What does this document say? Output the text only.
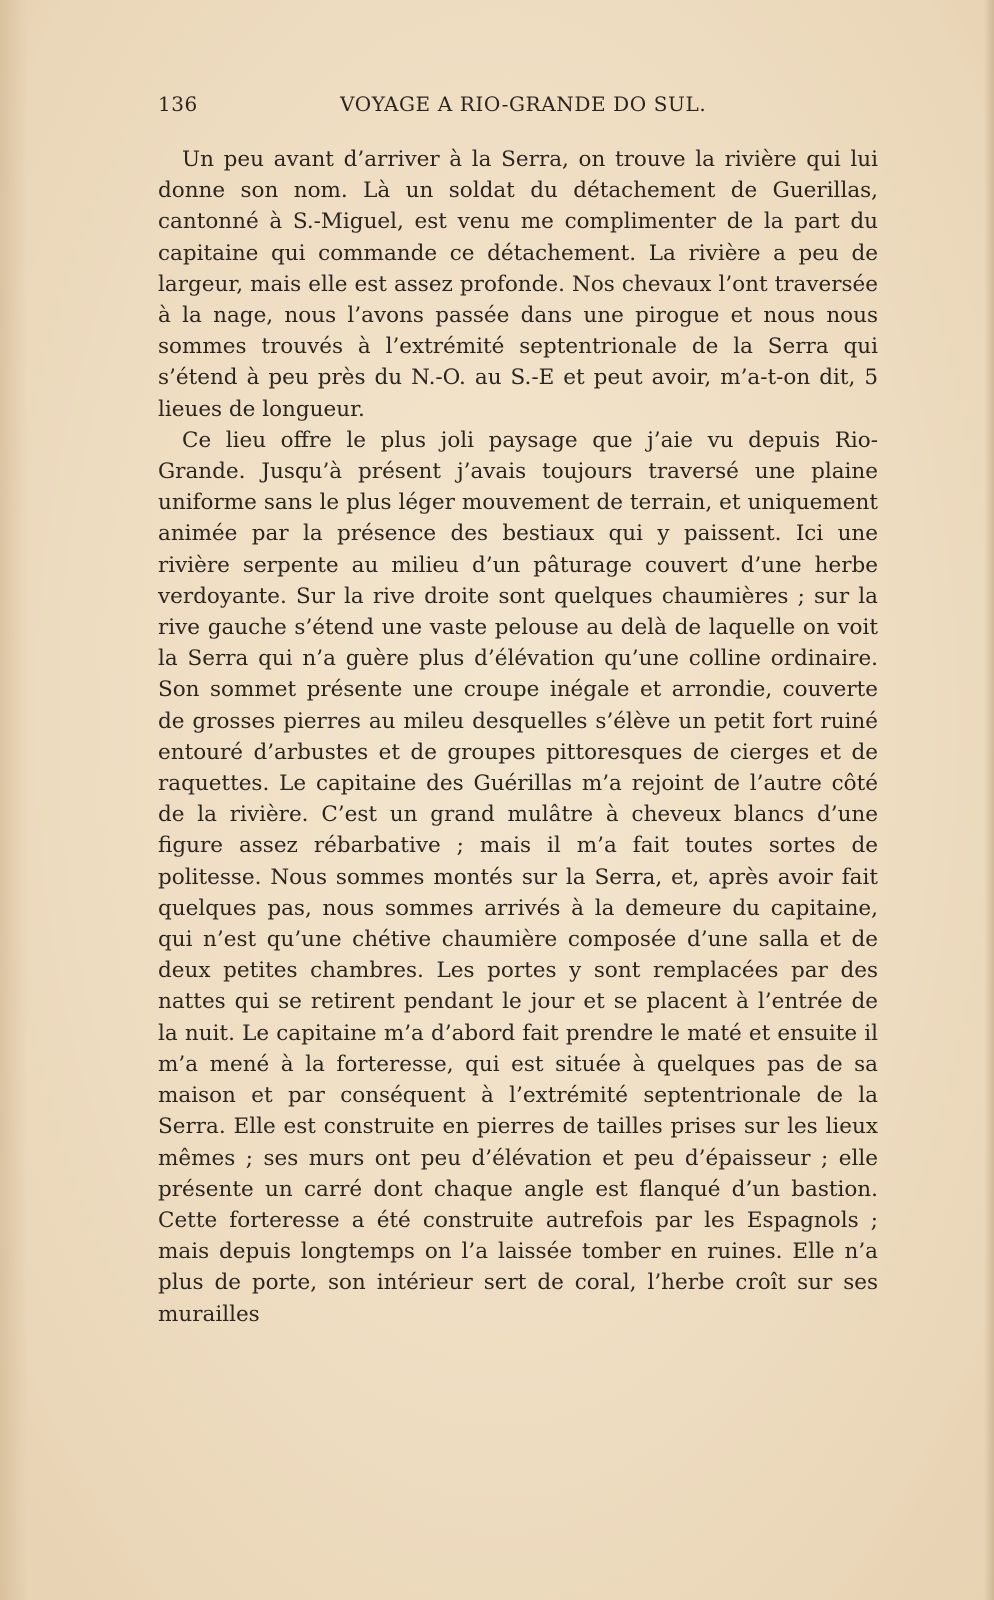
136	VOYAGE A RIO-GRANDE DO SUL.

Un peu avant d’arriver à la Serra, on trouve la rivière qui lui donne son nom. Là un soldat du détachement de Guerillas, cantonné à S.-Miguel, est venu me complimenter de la part du capitaine qui commande ce détachement. La rivière a peu de largeur, mais elle est assez profonde. Nos chevaux l’ont traversée à la nage, nous l’avons passée dans une pirogue et nous nous sommes trouvés à l’extrémité septentrionale de la Serra qui s’étend à peu près du N.-O. au S.-E et peut avoir, m’a-t-on dit, 5 lieues de longueur.

Ce lieu offre le plus joli paysage que j’aie vu depuis Rio-Grande. Jusqu’à présent j’avais toujours traversé une plaine uniforme sans le plus léger mouvement de terrain, et uniquement animée par la présence des bestiaux qui y paissent. Ici une rivière serpente au milieu d’un pâturage couvert d’une herbe verdoyante. Sur la rive droite sont quelques chaumières ; sur la rive gauche s’étend une vaste pelouse au delà de laquelle on voit la Serra qui n’a guère plus d’élévation qu’une colline ordinaire. Son sommet présente une croupe inégale et arrondie, couverte de grosses pierres au mileu desquelles s’élève un petit fort ruiné entouré d’arbustes et de groupes pittoresques de cierges et de raquettes. Le capitaine des Guérillas m’a rejoint de l’autre côté de la rivière. C’est un grand mulâtre à cheveux blancs d’une figure assez rébarbative ; mais il m’a fait toutes sortes de politesse. Nous sommes montés sur la Serra, et, après avoir fait quelques pas, nous sommes arrivés à la demeure du capitaine, qui n’est qu’une chétive chaumière composée d’une salla et de deux petites chambres. Les portes y sont remplacées par des nattes qui se retirent pendant le jour et se placent à l’entrée de la nuit. Le capitaine m’a d’abord fait prendre le maté et ensuite il m’a mené à la forteresse, qui est située à quelques pas de sa maison et par conséquent à l’extrémité septentrionale de la Serra. Elle est construite en pierres de tailles prises sur les lieux mêmes ; ses murs ont peu d’élévation et peu d’épaisseur ; elle présente un carré dont chaque angle est flanqué d’un bastion. Cette forteresse a été construite autrefois par les Espagnols ; mais depuis longtemps on l’a laissée tomber en ruines. Elle n’a plus de porte, son intérieur sert de coral, l’herbe croît sur ses murailles
